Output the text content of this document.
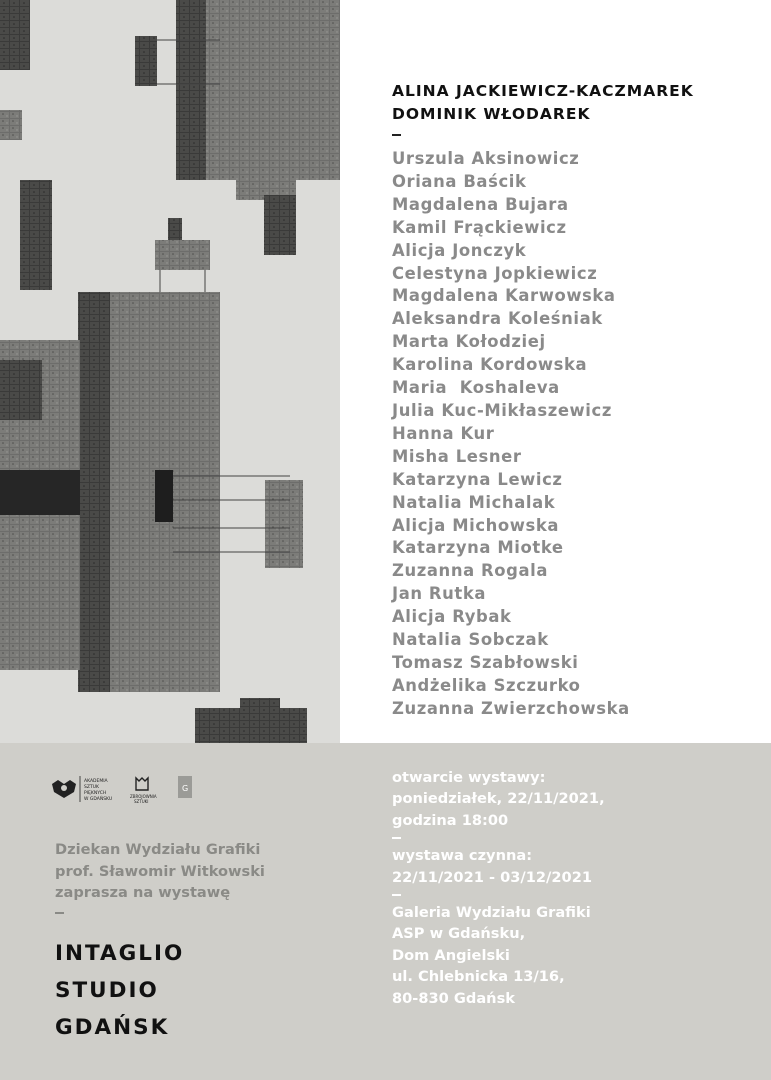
ALINA JACKIEWICZ-KACZMAREK
DOMINIK WŁODAREK
Urszula Aksinowicz
Oriana Baścik
Magdalena Bujara
Kamil Frąckiewicz
Alicja Jonczyk
Celestyna Jopkiewicz
Magdalena Karwowska
Aleksandra Koleśniak
Marta Kołodziej
Karolina Kordowska
Maria  Koshaleva
Julia Kuc-Mikłaszewicz
Hanna Kur
Misha Lesner
Katarzyna Lewicz
Natalia Michalak
Alicja Michowska
Katarzyna Miotke
Zuzanna Rogala
Jan Rutka
Alicja Rybak
Natalia Sobczak
Tomasz Szabłowski
Andżelika Szczurko
Zuzanna Zwierzchowska
AKADEMIA
SZTUK
PIĘKNYCH
W GDAŃSKU
ZBROJOWNIA
SZTUKI
G
Dziekan Wydziału Grafiki
prof. Sławomir Witkowski
zaprasza na wystawę
INTAGLIO
STUDIO
GDAŃSK
otwarcie wystawy:
poniedziałek, 22/11/2021,
godzina 18:00
wystawa czynna:
22/11/2021 - 03/12/2021
Galeria Wydziału Grafiki
ASP w Gdańsku,
Dom Angielski
ul. Chlebnicka 13/16,
80-830 Gdańsk
